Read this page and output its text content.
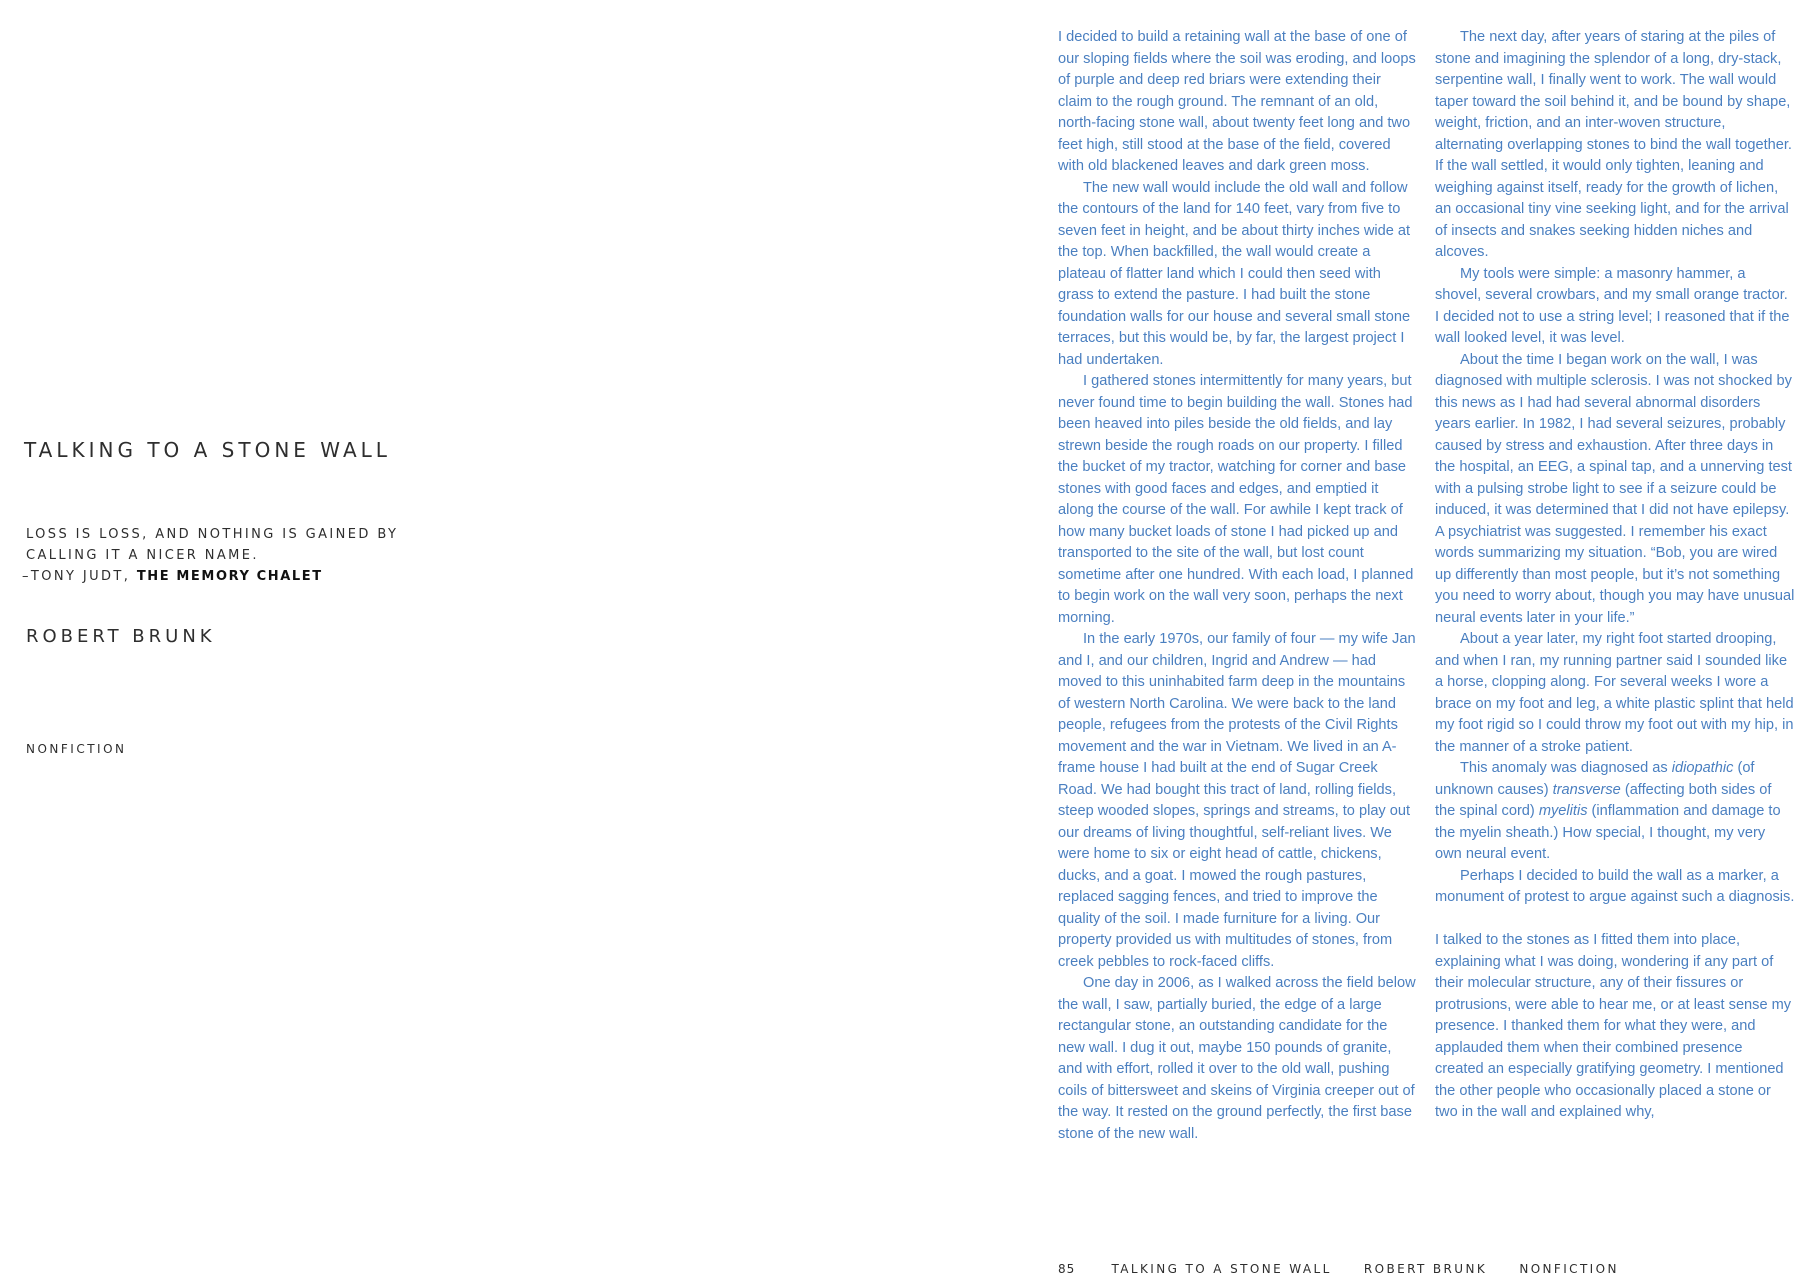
TALKING TO A STONE WALL
LOSS IS LOSS, AND NOTHING IS GAINED BY CALLING IT A NICER NAME.
–TONY JUDT, THE MEMORY CHALET
ROBERT BRUNK
NONFICTION

I decided to build a retaining wall at the base of one of our sloping fields where the soil was eroding, and loops of purple and deep red briars were extending their claim to the rough ground. The remnant of an old, north-facing stone wall, about twenty feet long and two feet high, still stood at the base of the field, covered with old blackened leaves and dark green moss.

The new wall would include the old wall and follow the contours of the land for 140 feet, vary from five to seven feet in height, and be about thirty inches wide at the top. When backfilled, the wall would create a plateau of flatter land which I could then seed with grass to extend the pasture. I had built the stone foundation walls for our house and several small stone terraces, but this would be, by far, the largest project I had undertaken.

I gathered stones intermittently for many years, but never found time to begin building the wall. Stones had been heaved into piles beside the old fields, and lay strewn beside the rough roads on our property. I filled the bucket of my tractor, watching for corner and base stones with good faces and edges, and emptied it along the course of the wall. For awhile I kept track of how many bucket loads of stone I had picked up and transported to the site of the wall, but lost count sometime after one hundred. With each load, I planned to begin work on the wall very soon, perhaps the next morning.

In the early 1970s, our family of four — my wife Jan and I, and our children, Ingrid and Andrew — had moved to this uninhabited farm deep in the mountains of western North Carolina. We were back to the land people, refugees from the protests of the Civil Rights movement and the war in Vietnam. We lived in an A-frame house I had built at the end of Sugar Creek Road. We had bought this tract of land, rolling fields, steep wooded slopes, springs and streams, to play out our dreams of living thoughtful, self-reliant lives. We were home to six or eight head of cattle, chickens, ducks, and a goat. I mowed the rough pastures, replaced sagging fences, and tried to improve the quality of the soil. I made furniture for a living. Our property provided us with multitudes of stones, from creek pebbles to rock-faced cliffs.

One day in 2006, as I walked across the field below the wall, I saw, partially buried, the edge of a large rectangular stone, an outstanding candidate for the new wall. I dug it out, maybe 150 pounds of granite, and with effort, rolled it over to the old wall, pushing coils of bittersweet and skeins of Virginia creeper out of the way. It rested on the ground perfectly, the first base stone of the new wall.

The next day, after years of staring at the piles of stone and imagining the splendor of a long, dry-stack, serpentine wall, I finally went to work. The wall would taper toward the soil behind it, and be bound by shape, weight, friction, and an inter-woven structure, alternating overlapping stones to bind the wall together. If the wall settled, it would only tighten, leaning and weighing against itself, ready for the growth of lichen, an occasional tiny vine seeking light, and for the arrival of insects and snakes seeking hidden niches and alcoves.

My tools were simple: a masonry hammer, a shovel, several crowbars, and my small orange tractor. I decided not to use a string level; I reasoned that if the wall looked level, it was level.

About the time I began work on the wall, I was diagnosed with multiple sclerosis. I was not shocked by this news as I had had several abnormal disorders years earlier. In 1982, I had several seizures, probably caused by stress and exhaustion. After three days in the hospital, an EEG, a spinal tap, and a unnerving test with a pulsing strobe light to see if a seizure could be induced, it was determined that I did not have epilepsy. A psychiatrist was suggested. I remember his exact words summarizing my situation. “Bob, you are wired up differently than most people, but it’s not something you need to worry about, though you may have unusual neural events later in your life.”

About a year later, my right foot started drooping, and when I ran, my running partner said I sounded like a horse, clopping along. For several weeks I wore a brace on my foot and leg, a white plastic splint that held my foot rigid so I could throw my foot out with my hip, in the manner of a stroke patient.

This anomaly was diagnosed as idiopathic (of unknown causes) transverse (affecting both sides of the spinal cord) myelitis (inflammation and damage to the myelin sheath.) How special, I thought, my very own neural event.

Perhaps I decided to build the wall as a marker, a monument of protest to argue against such a diagnosis.

I talked to the stones as I fitted them into place, explaining what I was doing, wondering if any part of their molecular structure, any of their fissures or protrusions, were able to hear me, or at least sense my presence. I thanked them for what they were, and applauded them when their combined presence created an especially gratifying geometry. I mentioned the other people who occasionally placed a stone or two in the wall and explained why,

85	TALKING TO A STONE WALL	ROBERT BRUNK	NONFICTION
